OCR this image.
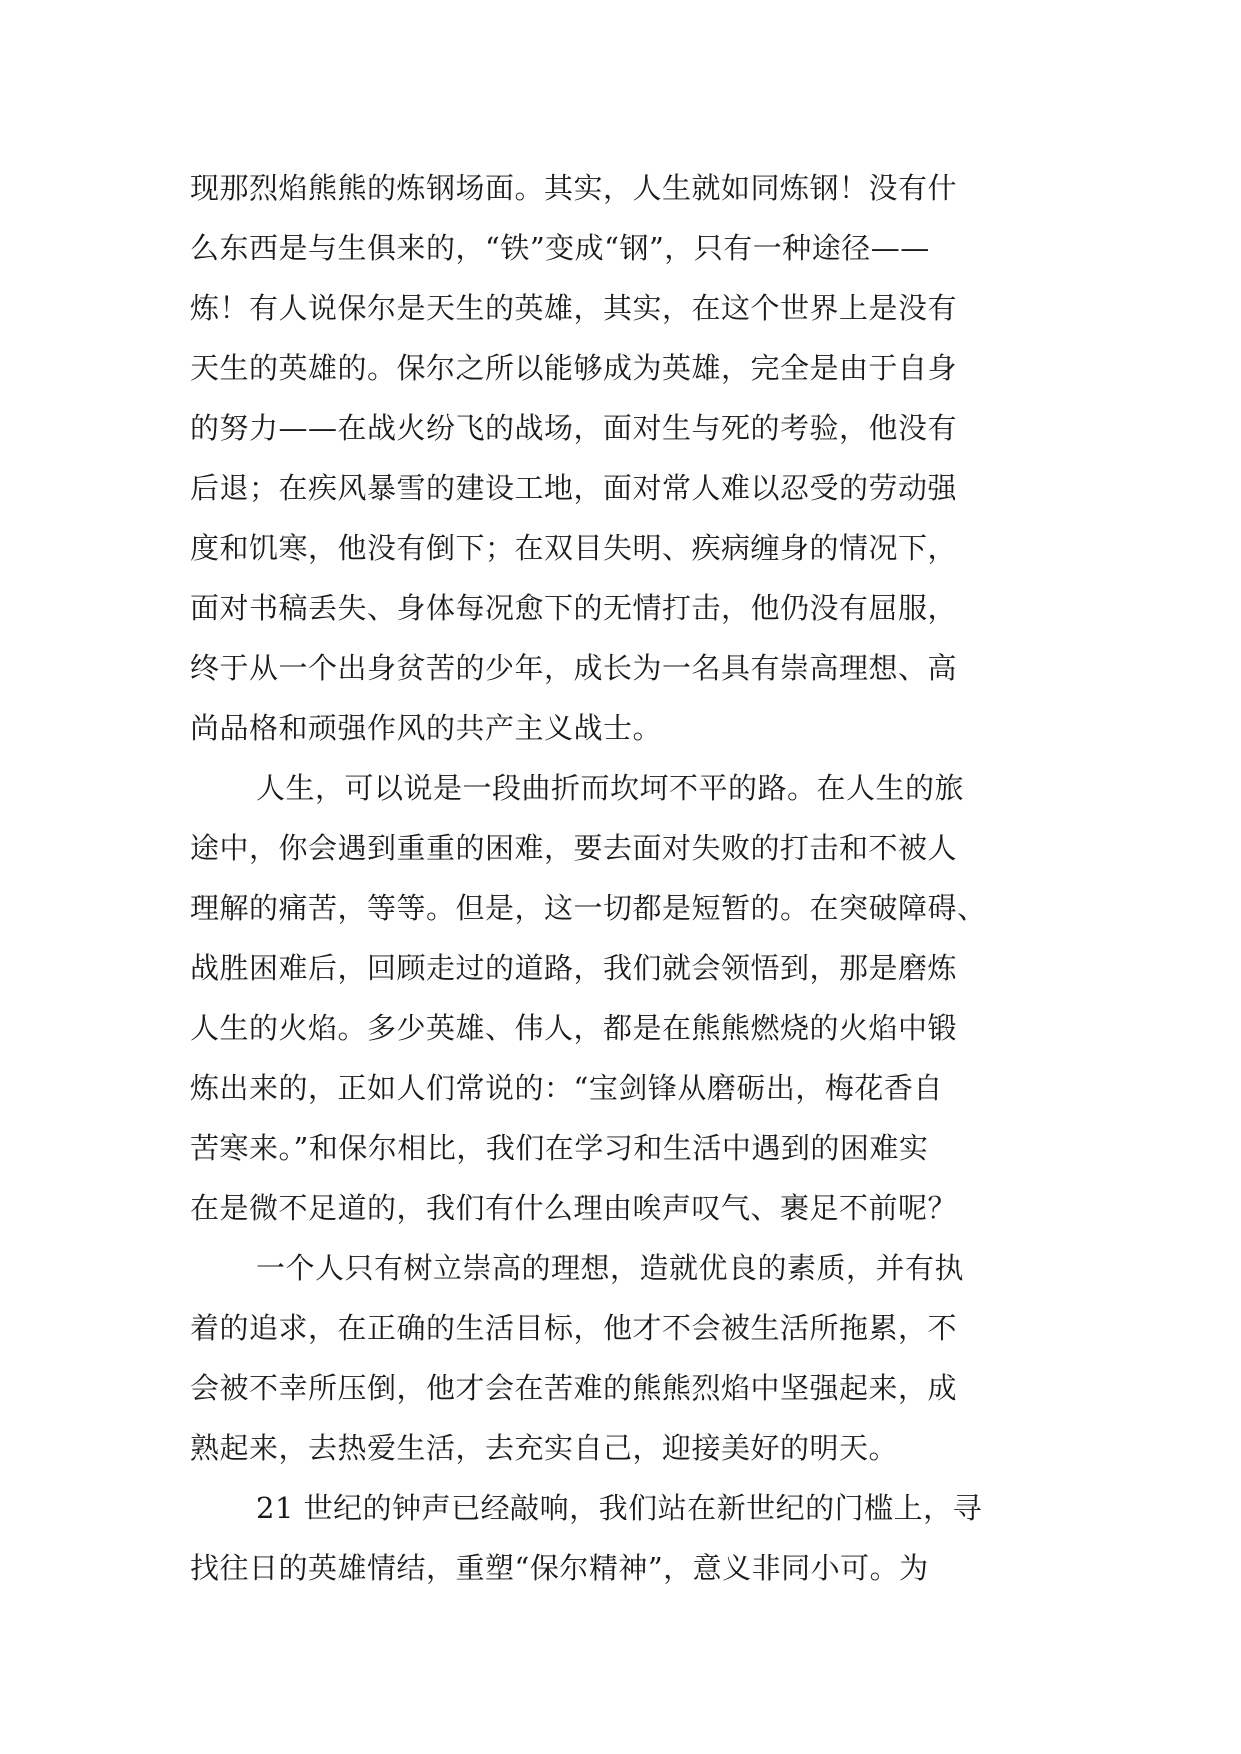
现那烈焰熊熊的炼钢场面。其实，人生就如同炼钢！没有什
么东西是与生俱来的，“铁”变成“钢”，只有一种途径——
炼！有人说保尔是天生的英雄，其实，在这个世界上是没有
天生的英雄的。保尔之所以能够成为英雄，完全是由于自身
的努力——在战火纷飞的战场，面对生与死的考验，他没有
后退；在疾风暴雪的建设工地，面对常人难以忍受的劳动强
度和饥寒，他没有倒下；在双目失明、疾病缠身的情况下，
面对书稿丢失、身体每况愈下的无情打击，他仍没有屈服，
终于从一个出身贫苦的少年，成长为一名具有崇高理想、高
尚品格和顽强作风的共产主义战士。
人生，可以说是一段曲折而坎坷不平的路。在人生的旅
途中，你会遇到重重的困难，要去面对失败的打击和不被人
理解的痛苦，等等。但是，这一切都是短暂的。在突破障碍、
战胜困难后，回顾走过的道路，我们就会领悟到，那是磨炼
人生的火焰。多少英雄、伟人，都是在熊熊燃烧的火焰中锻
炼出来的，正如人们常说的：“宝剑锋从磨砺出，梅花香自
苦寒来。”和保尔相比，我们在学习和生活中遇到的困难实
在是微不足道的，我们有什么理由唉声叹气、裹足不前呢？
一个人只有树立崇高的理想，造就优良的素质，并有执
着的追求，在正确的生活目标，他才不会被生活所拖累，不
会被不幸所压倒，他才会在苦难的熊熊烈焰中坚强起来，成
熟起来，去热爱生活，去充实自己，迎接美好的明天。
21 世纪的钟声已经敲响，我们站在新世纪的门槛上，寻
找往日的英雄情结，重塑“保尔精神”，意义非同小可。为
